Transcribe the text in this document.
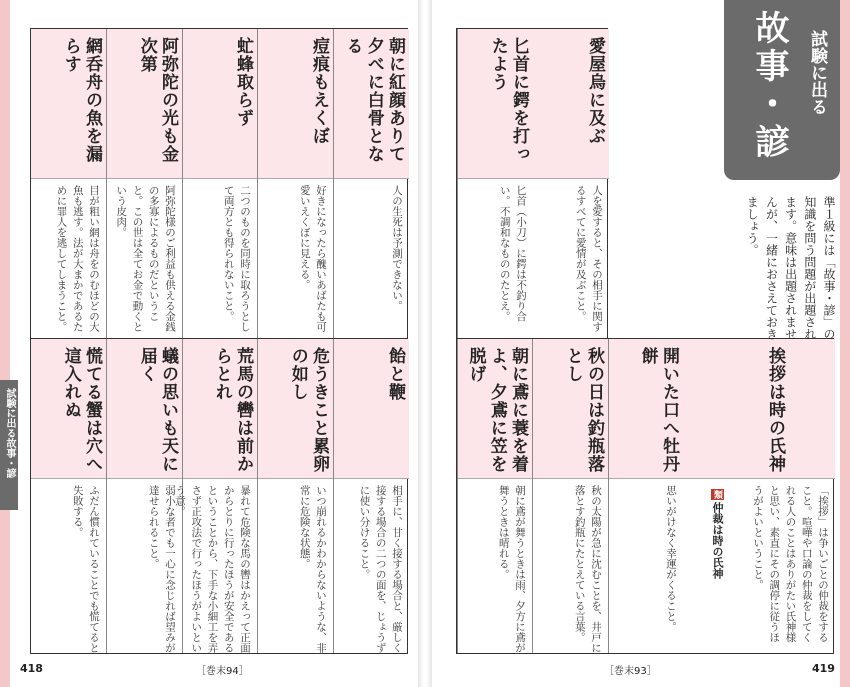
朝に紅顔ありて夕べに白骨となる
人の生死は予測できない。
痘痕もえくぼ
好きになったら醜いあばたも可愛いえくぼに見える。
虻蜂取らず
二つのものを同時に取ろうとして両方とも得られないこと。
阿弥陀の光も金次第
阿弥陀様のご利益も供える金銭の多寡によるものだということ。この世は全てお金で動くという皮肉。
網呑舟の魚を漏らす
目が粗い網は舟をのむほどの大魚も逃す。法が大まかであるために罪人を逃してしまうこと。
飴と鞭
相手に、甘く接する場合と、厳しく接する場合の二つの面を、じょうずに使い分けること。
危うきこと累卵の如し
いつ崩れるかわからないような、非常に危険な状態。
荒馬の轡は前からとれ
暴れて危険な馬の轡はかえって正面からとりに行ったほうが安全であるということから、下手な小細工を弄さず正攻法で行ったほうがよいという意。
蟻の思いも天に届く
弱小な者でも一心に念じれば望みが達せられること。
慌てる蟹は穴へ這入れぬ
ふだん慣れていることでも慌てると失敗する。
愛屋烏に及ぶ
人を愛すると、その相手に関するすべてに愛情が及ぶこと。
匕首に鍔を打ったよう
匕首（小刀）に鍔は不釣り合い。不調和なもののたとえ。
挨拶は時の氏神
「挨拶」は争いごとの仲裁をすること。喧嘩や口論の仲裁をしてくれる人のことはありがたい氏神様と思い、素直にその調停に従うほうがよいということ。
類仲裁は時の氏神
開いた口へ牡丹餅
思いがけなく幸運がくること。
秋の日は釣瓶落とし
秋の太陽が急に沈むことを、井戸に落とす釣瓶にたとえている言葉。
朝に鳶に蓑を着よ、夕鳶に笠を脱げ
朝に鳶が舞うときは雨、夕方に鳶が舞うときは晴れる。
試験に出る
故事・諺
準１級には「故事・諺」の知識を問う問題が出題されます。意味は出題されませんが、一緒におさえておきましょう。
試験に出る故事・諺
418	［巻末94］	［巻末93］	419
